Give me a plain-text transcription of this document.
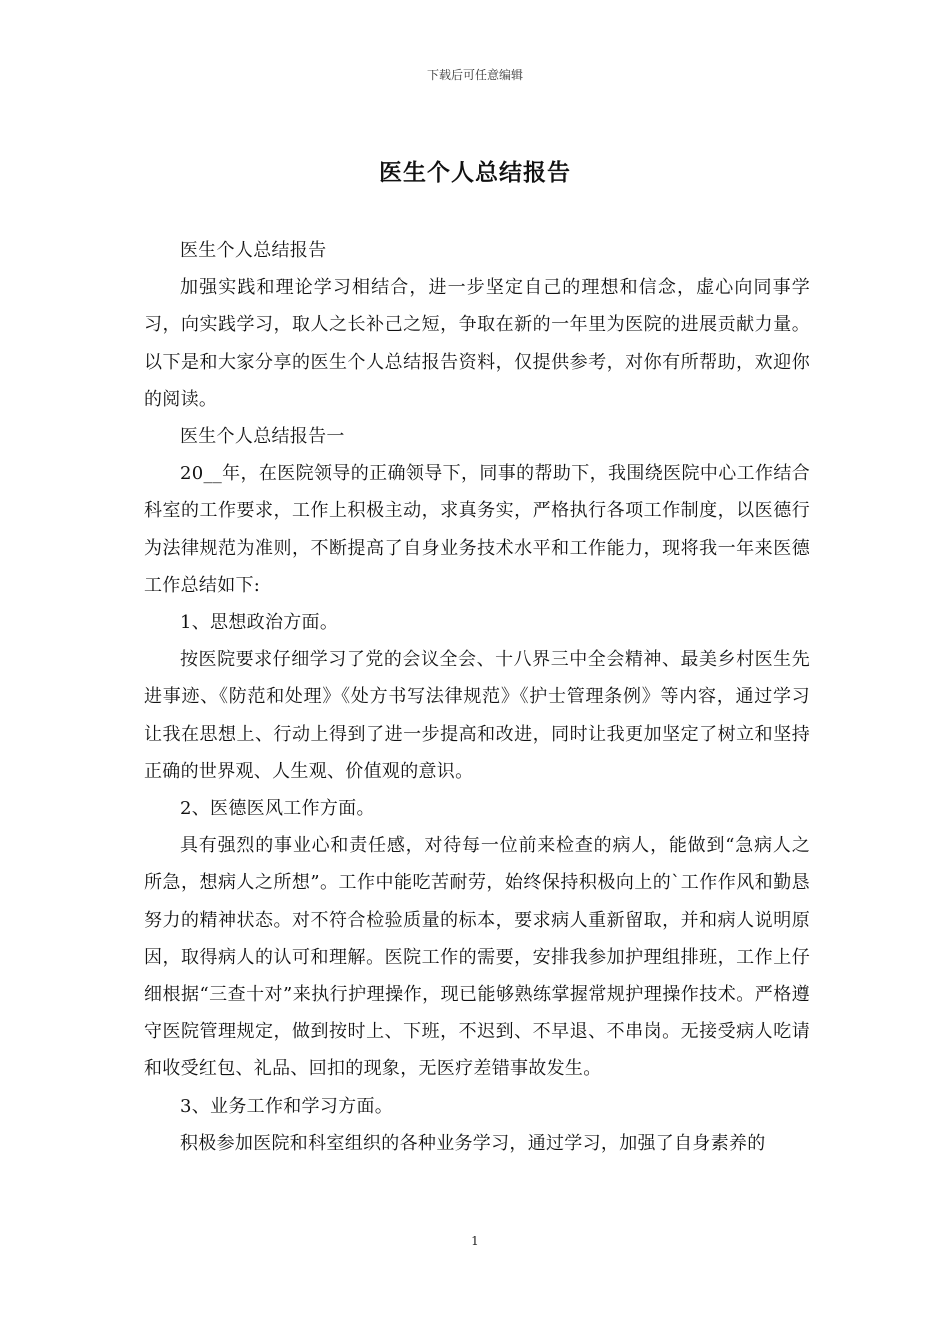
下载后可任意编辑
医生个人总结报告

医生个人总结报告

加强实践和理论学习相结合，进一步坚定自己的理想和信念，虚心向同事学习，向实践学习，取人之长补己之短，争取在新的一年里为医院的进展贡献力量。以下是和大家分享的医生个人总结报告资料，仅提供参考，对你有所帮助，欢迎你的阅读。

医生个人总结报告一

20__年，在医院领导的正确领导下，同事的帮助下，我围绕医院中心工作结合科室的工作要求，工作上积极主动，求真务实，严格执行各项工作制度，以医德行为法律规范为准则，不断提高了自身业务技术水平和工作能力，现将我一年来医德工作总结如下:

1、思想政治方面。

按医院要求仔细学习了党的会议全会、十八界三中全会精神、最美乡村医生先进事迹、《防范和处理》《处方书写法律规范》《护士管理条例》等内容，通过学习让我在思想上、行动上得到了进一步提高和改进，同时让我更加坚定了树立和坚持正确的世界观、人生观、价值观的意识。

2、医德医风工作方面。

具有强烈的事业心和责任感，对待每一位前来检查的病人，能做到“急病人之所急，想病人之所想”。工作中能吃苦耐劳，始终保持积极向上的`工作作风和勤恳努力的精神状态。对不符合检验质量的标本，要求病人重新留取，并和病人说明原因，取得病人的认可和理解。医院工作的需要，安排我参加护理组排班，工作上仔细根据“三查十对”来执行护理操作，现已能够熟练掌握常规护理操作技术。严格遵守医院管理规定，做到按时上、下班，不迟到、不早退、不串岗。无接受病人吃请和收受红包、礼品、回扣的现象，无医疗差错事故发生。

3、业务工作和学习方面。

积极参加医院和科室组织的各种业务学习，通过学习，加强了自身素养的

1
